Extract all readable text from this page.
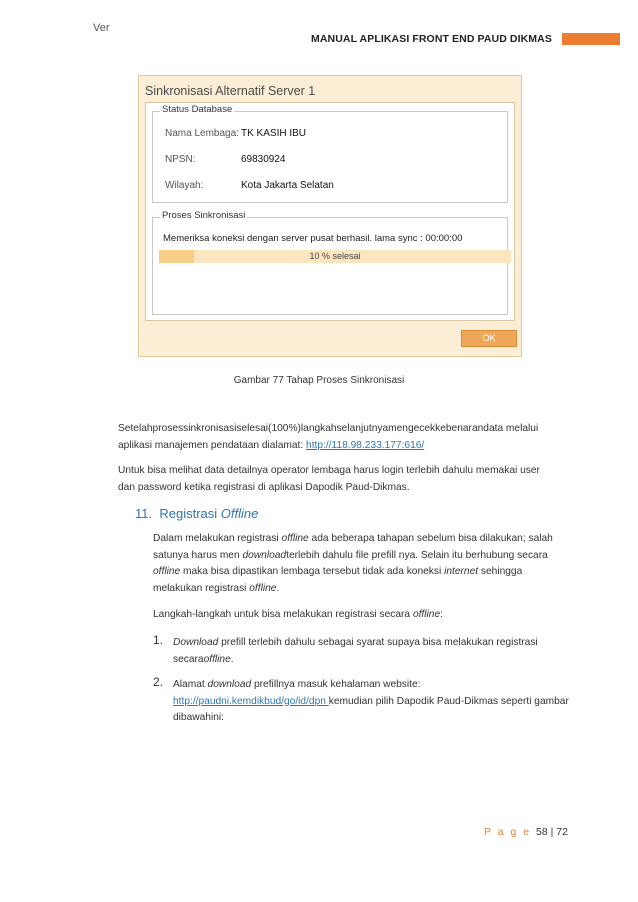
Ver
MANUAL APLIKASI FRONT END PAUD DIKMAS
Sinkronisasi Alternatif Server 1
Status Database
Nama Lembaga: TK KASIH IBU
NPSN:	69830924
Wilayah:	Kota Jakarta Selatan
Proses Sinkronisasi
Memeriksa koneksi dengan server pusat berhasil. lama sync : 00:00:00
10 % selesai
OK
Gambar 77 Tahap Proses Sinkronisasi
Setelahprosessinkronisasiselesai(100%)langkahselanjutnyamengecekkebenarandata melalui aplikasi manajemen pendataan dialamat: http://118.98.233.177:616/
Untuk bisa melihat data detailnya operator lembaga harus login terlebih dahulu memakai user dan password ketika registrasi di aplikasi Dapodik Paud-Dikmas.
11. Registrasi Offline
Dalam melakukan registrasi offline ada beberapa tahapan sebelum bisa dilakukan; salah satunya harus men downloadterlebih dahulu file prefill nya. Selain itu berhubung secara offline maka bisa dipastikan lembaga tersebut tidak ada koneksi internet sehingga melakukan registrasi offline.
Langkah-langkah untuk bisa melakukan registrasi secara offline:
1. Download prefill terlebih dahulu sebagai syarat supaya bisa melakukan registrasi secaraoffline.
2. Alamat download prefillnya masuk kehalaman website:
http://paudni.kemdikbud/go/id/dpn kemudian pilih Dapodik Paud-Dikmas seperti gambar dibawahini:
P a g e 58 | 72
